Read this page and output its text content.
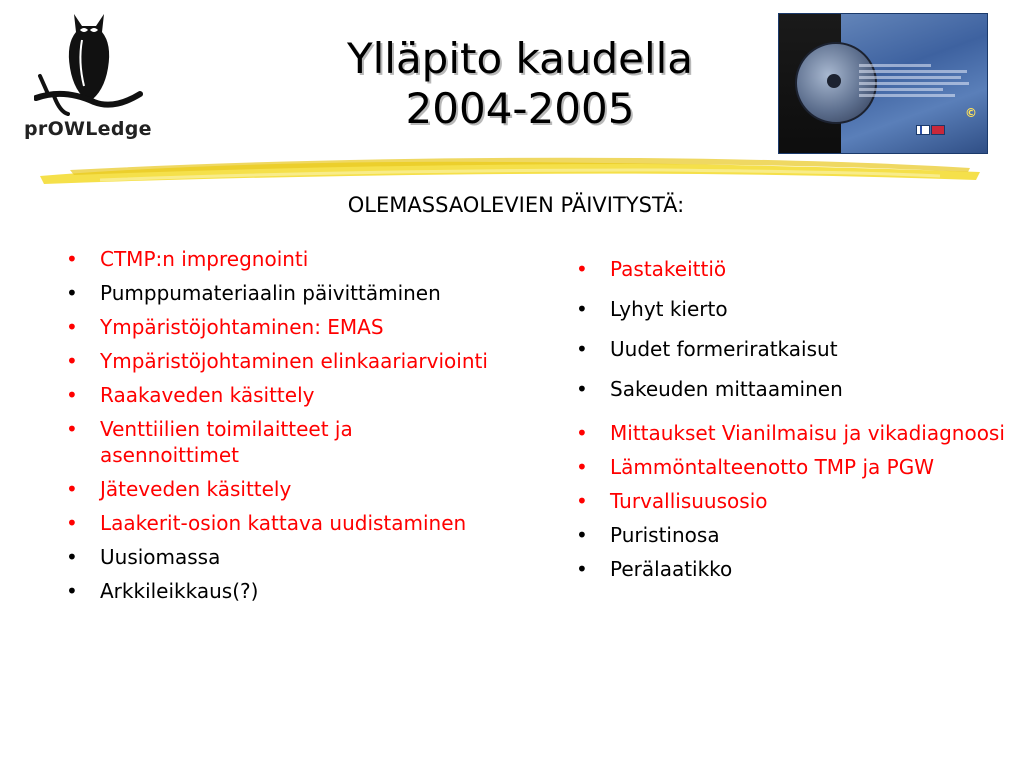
prOWLedge
Ylläpito kaudella
2004-2005	©
OLEMASSAOLEVIEN PÄIVITYSTÄ:
• CTMP:n impregnointi
• Pumppumateriaalin päivittäminen
• Ympäristöjohtaminen: EMAS
• Ympäristöjohtaminen elinkaariarviointi
• Raakaveden käsittely
• Venttiilien toimilaitteet ja asennoittimet
• Jäteveden käsittely
• Laakerit-osion kattava uudistaminen
• Uusiomassa
• Arkkileikkaus(?)
• Pastakeittiö
• Lyhyt kierto
• Uudet formeriratkaisut
• Sakeuden mittaaminen
• Mittaukset Vianilmaisu ja vikadiagnoosi
• Lämmöntalteenotto TMP ja PGW
• Turvallisuusosio
• Puristinosa
• Perälaatikko
